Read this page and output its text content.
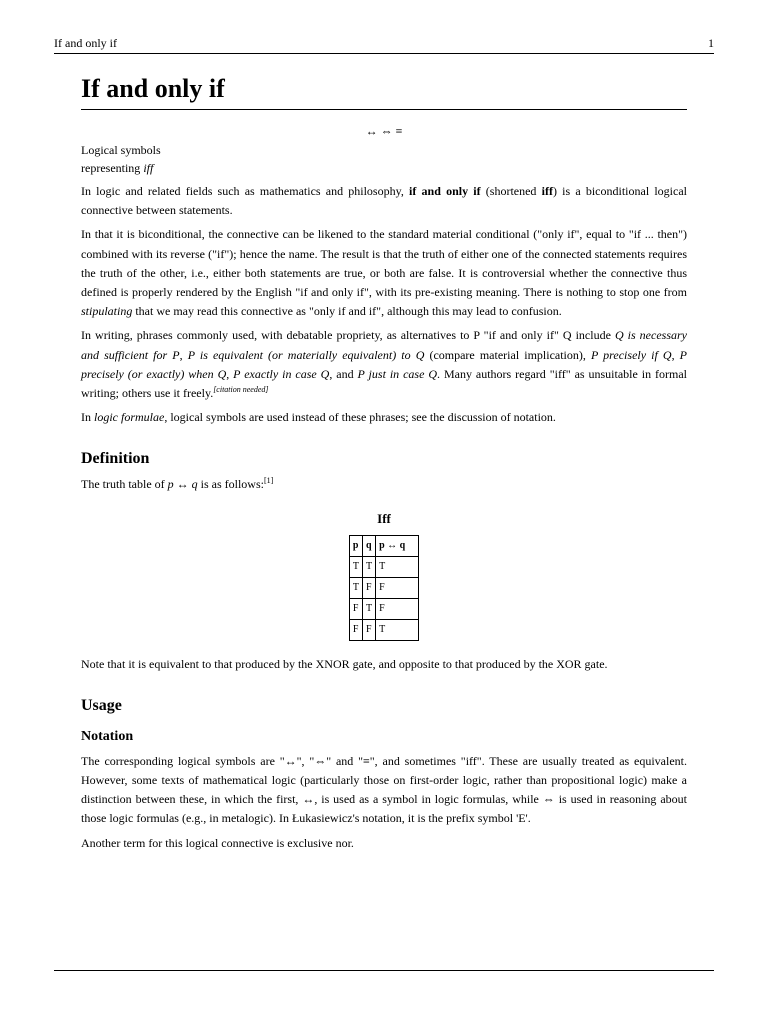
If and only if	1
If and only if
↔ ⇔ ≡
Logical symbols
representing iff

In logic and related fields such as mathematics and philosophy, if and only if (shortened iff) is a biconditional logical connective between statements.

In that it is biconditional, the connective can be likened to the standard material conditional ("only if", equal to "if ... then") combined with its reverse ("if"); hence the name. The result is that the truth of either one of the connected statements requires the truth of the other, i.e., either both statements are true, or both are false. It is controversial whether the connective thus defined is properly rendered by the English "if and only if", with its pre-existing meaning. There is nothing to stop one from stipulating that we may read this connective as "only if and if", although this may lead to confusion.

In writing, phrases commonly used, with debatable propriety, as alternatives to P "if and only if" Q include Q is necessary and sufficient for P, P is equivalent (or materially equivalent) to Q (compare material implication), P precisely if Q, P precisely (or exactly) when Q, P exactly in case Q, and P just in case Q. Many authors regard "iff" as unsuitable in formal writing; others use it freely.[citation needed]

In logic formulae, logical symbols are used instead of these phrases; see the discussion of notation.

Definition

The truth table of p ↔ q is as follows:[1]

Iff
p	q	p ↔ q
T	T	T
T	F	F
F	T	F
F	F	T

Note that it is equivalent to that produced by the XNOR gate, and opposite to that produced by the XOR gate.

Usage
Notation

The corresponding logical symbols are "↔", "⇔" and "≡", and sometimes "iff". These are usually treated as equivalent. However, some texts of mathematical logic (particularly those on first-order logic, rather than propositional logic) make a distinction between these, in which the first, ↔, is used as a symbol in logic formulas, while ⇔ is used in reasoning about those logic formulas (e.g., in metalogic). In Łukasiewicz's notation, it is the prefix symbol 'E'.

Another term for this logical connective is exclusive nor.
